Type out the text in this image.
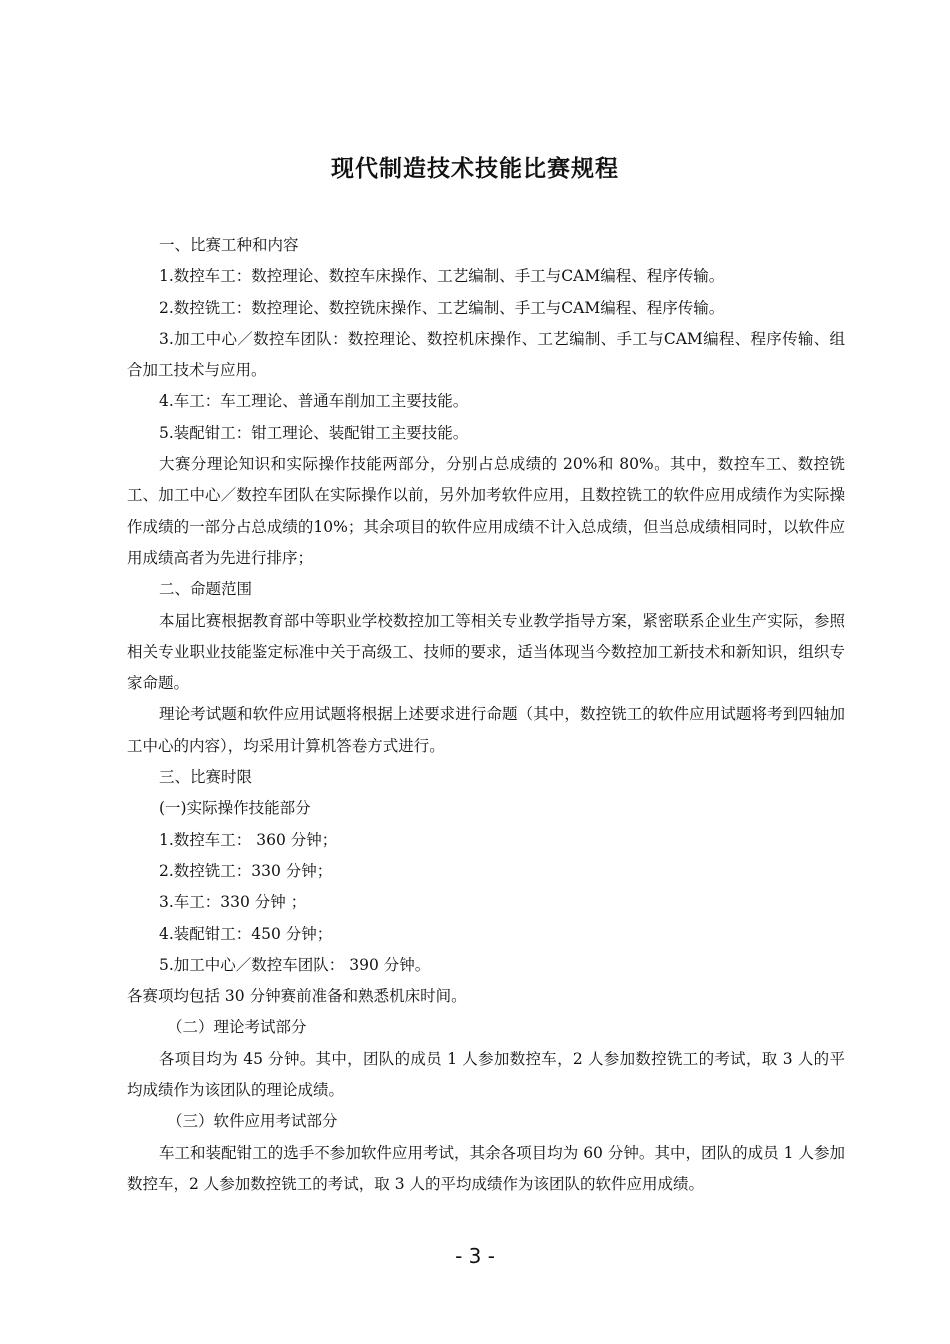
现代制造技术技能比赛规程

一、比赛工种和内容

1.数控车工：数控理论、数控车床操作、工艺编制、手工与CAM编程、程序传输。

2.数控铣工：数控理论、数控铣床操作、工艺编制、手工与CAM编程、程序传输。

3.加工中心／数控车团队：数控理论、数控机床操作、工艺编制、手工与CAM编程、程序传输、组合加工技术与应用。

4.车工：车工理论、普通车削加工主要技能。

5.装配钳工：钳工理论、装配钳工主要技能。

大赛分理论知识和实际操作技能两部分，分别占总成绩的 20%和 80%。其中，数控车工、数控铣工、加工中心／数控车团队在实际操作以前，另外加考软件应用，且数控铣工的软件应用成绩作为实际操作成绩的一部分占总成绩的10%；其余项目的软件应用成绩不计入总成绩，但当总成绩相同时，以软件应用成绩高者为先进行排序；

二、命题范围

本届比赛根据教育部中等职业学校数控加工等相关专业教学指导方案，紧密联系企业生产实际，参照相关专业职业技能鉴定标准中关于高级工、技师的要求，适当体现当今数控加工新技术和新知识，组织专家命题。

理论考试题和软件应用试题将根据上述要求进行命题（其中，数控铣工的软件应用试题将考到四轴加工中心的内容），均采用计算机答卷方式进行。

三、比赛时限

(一)实际操作技能部分

1.数控车工： 360 分钟；

2.数控铣工：330 分钟；

3.车工：330 分钟 ；

4.装配钳工：450 分钟；

5.加工中心／数控车团队： 390 分钟。

各赛项均包括 30 分钟赛前准备和熟悉机床时间。

（二）理论考试部分

各项目均为 45 分钟。其中，团队的成员 1 人参加数控车，2 人参加数控铣工的考试，取 3 人的平均成绩作为该团队的理论成绩。

（三）软件应用考试部分

车工和装配钳工的选手不参加软件应用考试，其余各项目均为 60 分钟。其中，团队的成员 1 人参加数控车，2 人参加数控铣工的考试，取 3 人的平均成绩作为该团队的软件应用成绩。

- 3 -
